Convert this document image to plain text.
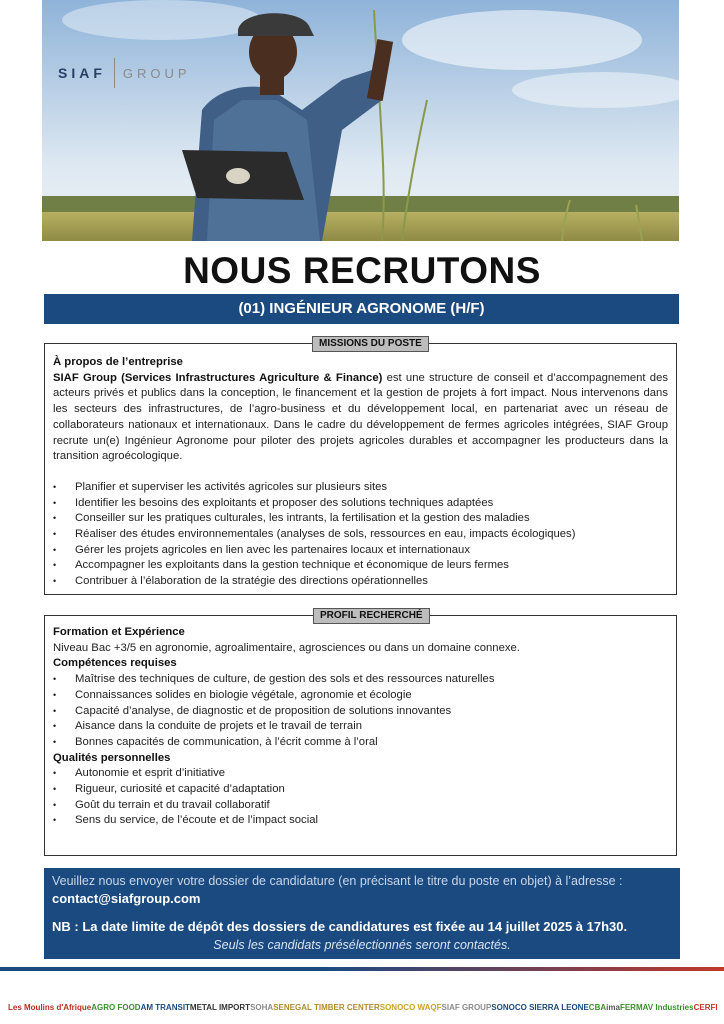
SIAF GROUP
NOUS RECRUTONS
(01) INGÉNIEUR AGRONOME (H/F)
MISSIONS DU POSTE
À propos de l’entreprise
SIAF Group (Services Infrastructures Agriculture & Finance) est une structure de conseil et d’accompagnement des acteurs privés et publics dans la conception, le financement et la gestion de projets à fort impact. Nous intervenons dans les secteurs des infrastructures, de l’agro-business et du développement local, en partenariat avec un réseau de collaborateurs nationaux et internationaux. Dans le cadre du développement de fermes agricoles intégrées, SIAF Group recrute un(e) Ingénieur Agronome pour piloter des projets agricoles durables et accompagner les producteurs dans la transition agroécologique.
• Planifier et superviser les activités agricoles sur plusieurs sites
• Identifier les besoins des exploitants et proposer des solutions techniques adaptées
• Conseiller sur les pratiques culturales, les intrants, la fertilisation et la gestion des maladies
• Réaliser des études environnementales (analyses de sols, ressources en eau, impacts écologiques)
• Gérer les projets agricoles en lien avec les partenaires locaux et internationaux
• Accompagner les exploitants dans la gestion technique et économique de leurs fermes
• Contribuer à l’élaboration de la stratégie des directions opérationnelles
PROFIL RECHERCHÉ
Formation et Expérience
Niveau Bac +3/5 en agronomie, agroalimentaire, agrosciences ou dans un domaine connexe.
Compétences requises
• Maîtrise des techniques de culture, de gestion des sols et des ressources naturelles
• Connaissances solides en biologie végétale, agronomie et écologie
• Capacité d’analyse, de diagnostic et de proposition de solutions innovantes
• Aisance dans la conduite de projets et le travail de terrain
• Bonnes capacités de communication, à l’écrit comme à l’oral
Qualités personnelles
• Autonomie et esprit d’initiative
• Rigueur, curiosité et capacité d’adaptation
• Goût du terrain et du travail collaboratif
• Sens du service, de l’écoute et de l’impact social
Veuillez nous envoyer votre dossier de candidature (en précisant le titre du poste en objet) à l’adresse :
contact@siafgroup.com
NB : La date limite de dépôt des dossiers de candidatures est fixée au 14 juillet 2025 à 17h30.
Seuls les candidats présélectionnés seront contactés.
Les Moulins d'Afrique AGRO FOOD AM TRANSIT METAL IMPORT SOHA SENEGAL TIMBER CENTER SONOCO WAQF SIAF GROUP SONOCO SIERRA LEONE CBA ima FERMAV Industries CERFI
